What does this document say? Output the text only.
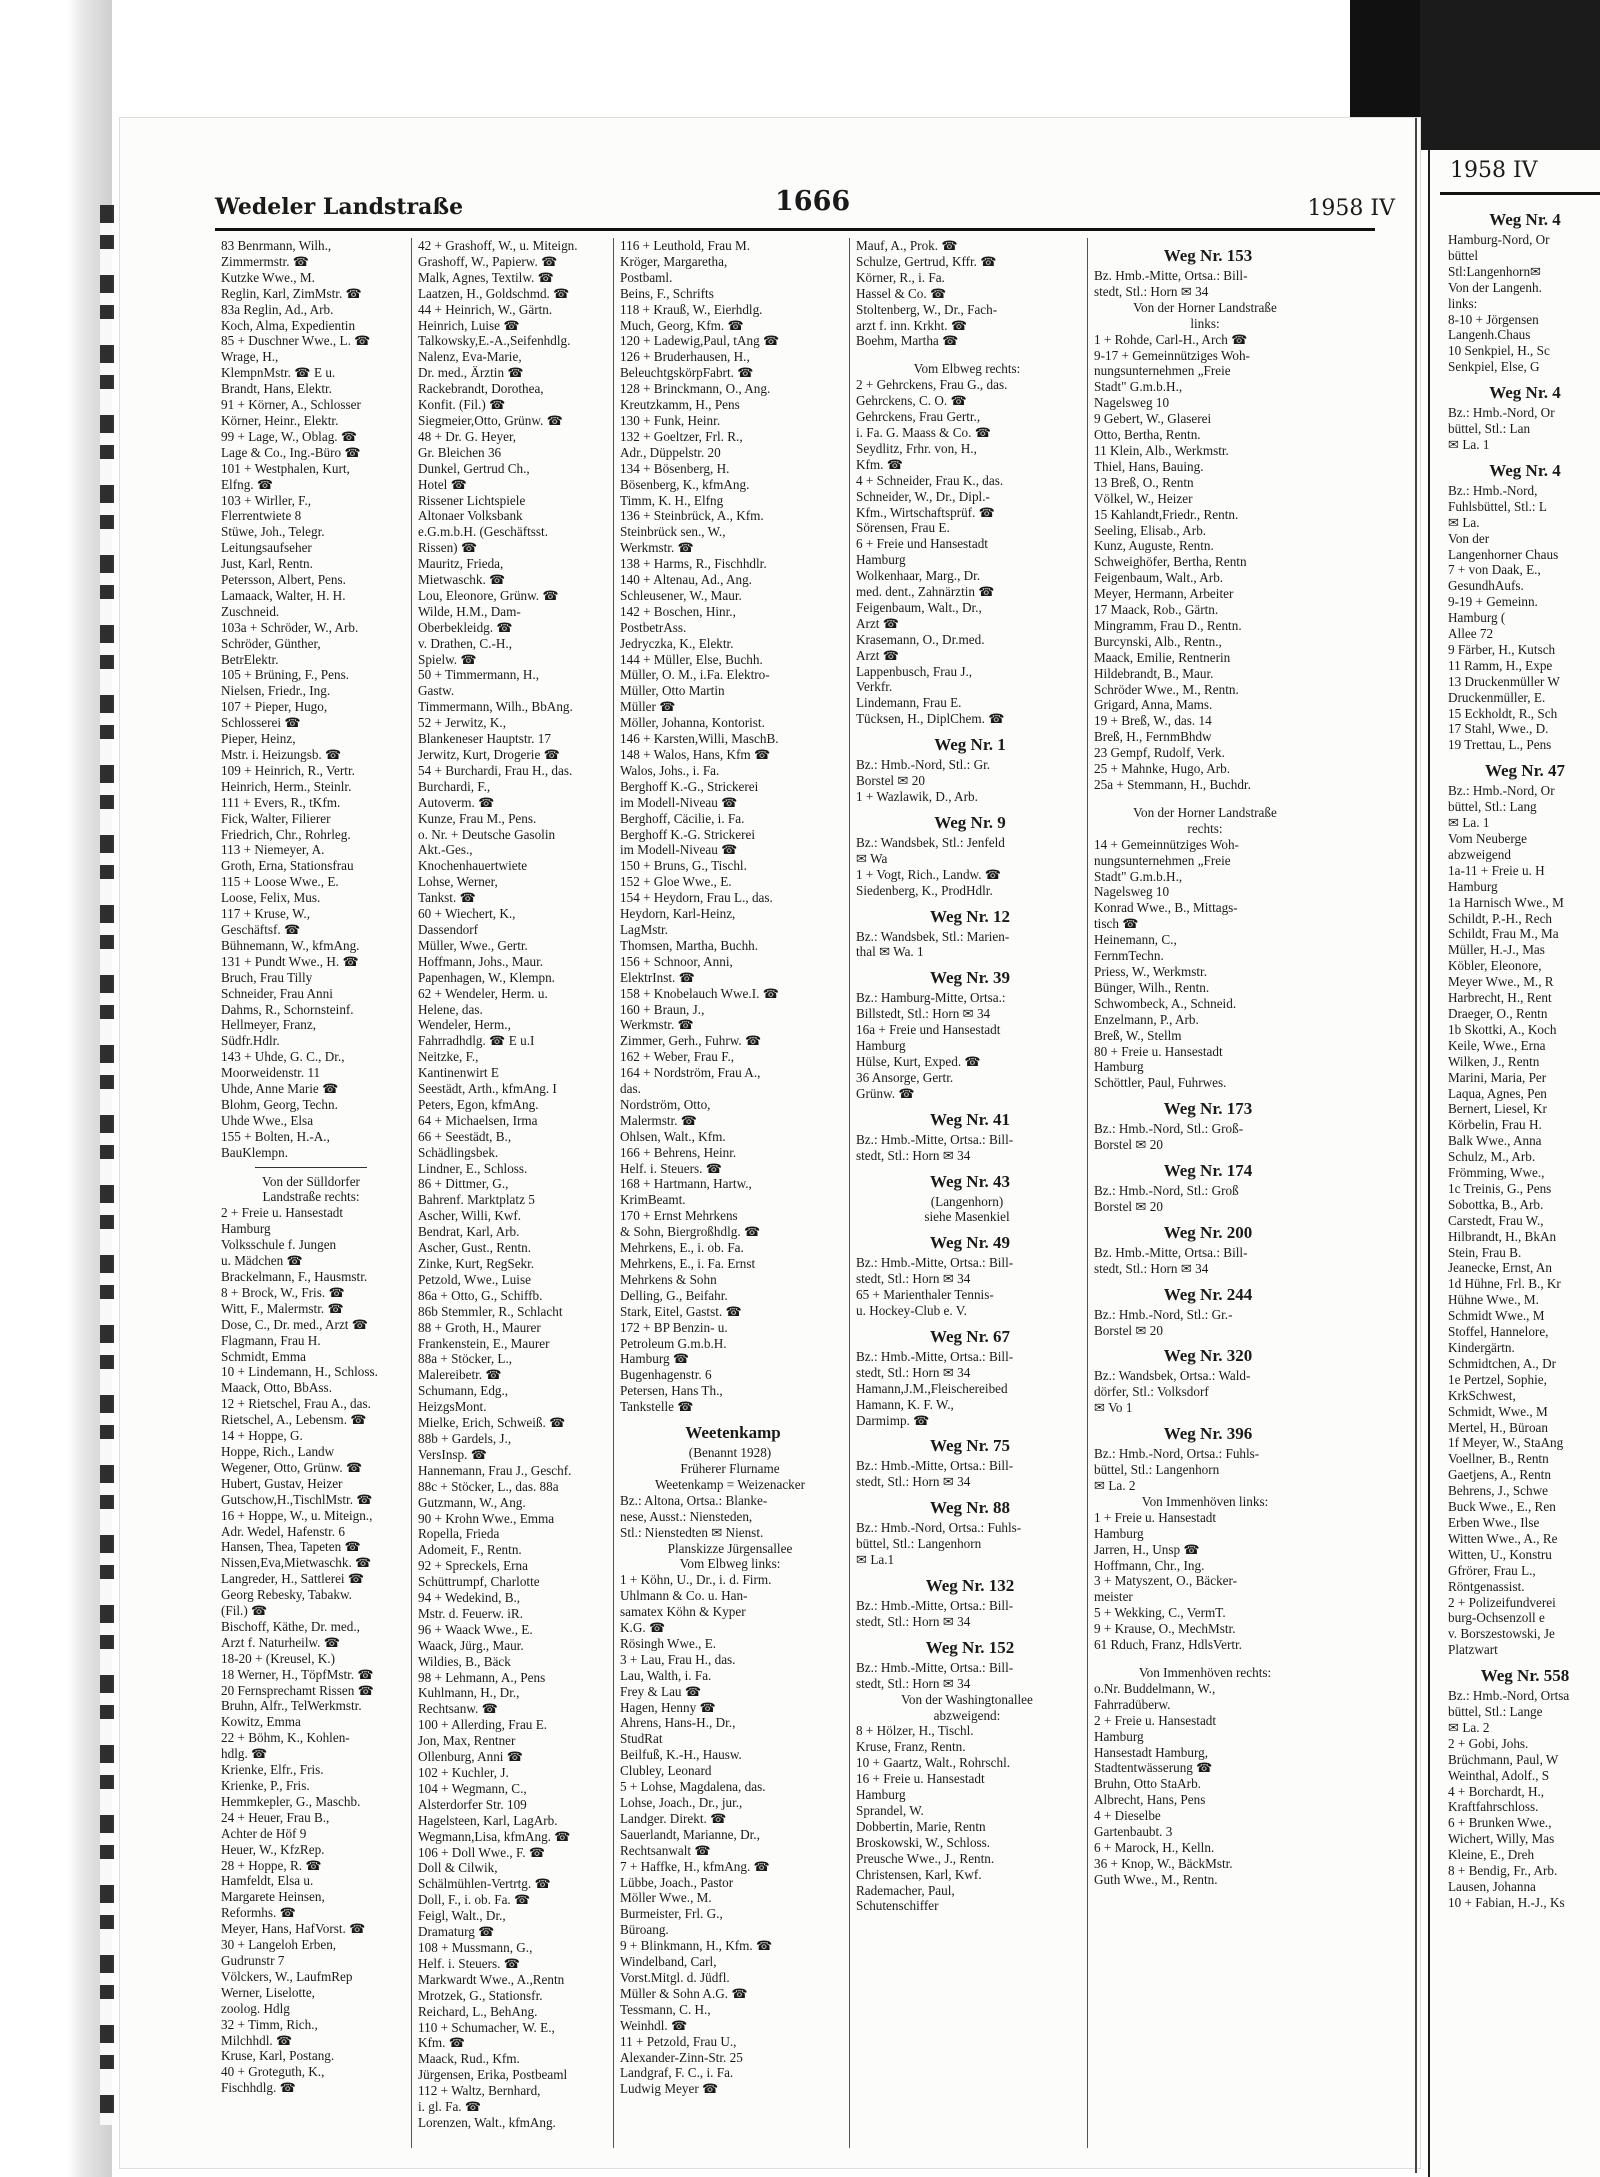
Wedeler Landstraße	1666	1958 IV
83 Benrmann, Wilh.,
Zimmermstr. ☎
Kutzke Wwe., M.
Reglin, Karl, ZimMstr. ☎
83a Reglin, Ad., Arb.
Koch, Alma, Expedientin
85 + Duschner Wwe., L. ☎
Wrage, H.,
KlempnMstr. ☎ E u.
Brandt, Hans, Elektr.
91 + Körner, A., Schlosser
Körner, Heinr., Elektr.
99 + Lage, W., Oblag. ☎
Lage & Co., Ing.-Büro ☎
101 + Westphalen, Kurt,
Elfng. ☎
103 + Wirller, F.,
Flerrentwiete 8
Stüwe, Joh., Telegr.
Leitungsaufseher
Just, Karl, Rentn.
Petersson, Albert, Pens.
Lamaack, Walter, H. H.
Zuschneid.
103a + Schröder, W., Arb.
Schröder, Günther,
BetrElektr.
105 + Brüning, F., Pens.
Nielsen, Friedr., Ing.
107 + Pieper, Hugo,
Schlosserei ☎
Pieper, Heinz,
Mstr. i. Heizungsb. ☎
109 + Heinrich, R., Vertr.
Heinrich, Herm., Steinlr.
111 + Evers, R., tKfm.
Fick, Walter, Filierer
Friedrich, Chr., Rohrleg.
113 + Niemeyer, A.
Groth, Erna, Stationsfrau
115 + Loose Wwe., E.
Loose, Felix, Mus.
117 + Kruse, W.,
Geschäftsf. ☎
Bühnemann, W., kfmAng.
131 + Pundt Wwe., H. ☎
Bruch, Frau Tilly
Schneider, Frau Anni
Dahms, R., Schornsteinf.
Hellmeyer, Franz,
Südfr.Hdlr.
143 + Uhde, G. C., Dr.,
Moorweidenstr. 11
Uhde, Anne Marie ☎
Blohm, Georg, Techn.
Uhde Wwe., Elsa
155 + Bolten, H.-A.,
BauKlempn.
Von der Sülldorfer
Landstraße rechts:
2 + Freie u. Hansestadt
Hamburg
Volksschule f. Jungen
u. Mädchen ☎
Brackelmann, F., Hausmstr.
8 + Brock, W., Fris. ☎
Witt, F., Malermstr. ☎
Dose, C., Dr. med., Arzt ☎
Flagmann, Frau H.
Schmidt, Emma
10 + Lindemann, H., Schloss.
Maack, Otto, BbAss.
12 + Rietschel, Frau A., das.
Rietschel, A., Lebensm. ☎
14 + Hoppe, G.
Hoppe, Rich., Landw
Wegener, Otto, Grünw. ☎
Hubert, Gustav, Heizer
Gutschow,H.,TischlMstr. ☎
16 + Hoppe, W., u. Miteign.,
Adr. Wedel, Hafenstr. 6
Hansen, Thea, Tapeten ☎
Nissen,Eva,Mietwaschk. ☎
Langreder, H., Sattlerei ☎
Georg Rebesky, Tabakw.
(Fil.) ☎
Bischoff, Käthe, Dr. med.,
Arzt f. Naturheilw. ☎
18-20 + (Kreusel, K.)
18 Werner, H., TöpfMstr. ☎
20 Fernsprechamt Rissen ☎
Bruhn, Alfr., TelWerkmstr.
Kowitz, Emma
22 + Böhm, K., Kohlen-
hdlg. ☎
Krienke, Elfr., Fris.
Krienke, P., Fris.
Hemmkepler, G., Maschb.
24 + Heuer, Frau B.,
Achter de Höf 9
Heuer, W., KfzRep.
28 + Hoppe, R. ☎
Hamfeldt, Elsa u.
Margarete Heinsen,
Reformhs. ☎
Meyer, Hans, HafVorst. ☎
30 + Langeloh Erben,
Gudrunstr 7
Völckers, W., LaufmRep
Werner, Liselotte,
zoolog. Hdlg
32 + Timm, Rich.,
Milchhdl. ☎
Kruse, Karl, Postang.
40 + Groteguth, K.,
Fischhdlg. ☎
42 + Grashoff, W., u. Miteign.
Grashoff, W., Papierw. ☎
Malk, Agnes, Textilw. ☎
Laatzen, H., Goldschmd. ☎
44 + Heinrich, W., Gärtn.
Heinrich, Luise ☎
Talkowsky,E.-A.,Seifenhdlg.
Nalenz, Eva-Marie,
Dr. med., Ärztin ☎
Rackebrandt, Dorothea,
Konfit. (Fil.) ☎
Siegmeier,Otto, Grünw. ☎
48 + Dr. G. Heyer,
Gr. Bleichen 36
Dunkel, Gertrud Ch.,
Hotel ☎
Rissener Lichtspiele
Altonaer Volksbank
e.G.m.b.H. (Geschäftsst.
Rissen) ☎
Mauritz, Frieda,
Mietwaschk. ☎
Lou, Eleonore, Grünw. ☎
Wilde, H.M., Dam-
Oberbekleidg. ☎
v. Drathen, C.-H.,
Spielw. ☎
50 + Timmermann, H.,
Gastw.
Timmermann, Wilh., BbAng.
52 + Jerwitz, K.,
Blankeneser Hauptstr. 17
Jerwitz, Kurt, Drogerie ☎
54 + Burchardi, Frau H., das.
Burchardi, F.,
Autoverm. ☎
Kunze, Frau M., Pens.
o. Nr. + Deutsche Gasolin
Akt.-Ges.,
Knochenhauertwiete
Lohse, Werner,
Tankst. ☎
60 + Wiechert, K.,
Dassendorf
Müller, Wwe., Gertr.
Hoffmann, Johs., Maur.
Papenhagen, W., Klempn.
62 + Wendeler, Herm. u.
Helene, das.
Wendeler, Herm.,
Fahrradhdlg. ☎ E u.I
Neitzke, F.,
Kantinenwirt E
Seestädt, Arth., kfmAng. I
Peters, Egon, kfmAng.
64 + Michaelsen, Irma
66 + Seestädt, B.,
Schädlingsbek.
Lindner, E., Schloss.
86 + Dittmer, G.,
Bahrenf. Marktplatz 5
Ascher, Willi, Kwf.
Bendrat, Karl, Arb.
Ascher, Gust., Rentn.
Zinke, Kurt, RegSekr.
Petzold, Wwe., Luise
86a + Otto, G., Schiffb.
86b Stemmler, R., Schlacht
88 + Groth, H., Maurer
Frankenstein, E., Maurer
88a + Stöcker, L.,
Malereibetr. ☎
Schumann, Edg.,
HeizgsMont.
Mielke, Erich, Schweiß. ☎
88b + Gardels, J.,
VersInsp. ☎
Hannemann, Frau J., Geschf.
88c + Stöcker, L., das. 88a
Gutzmann, W., Ang.
90 + Krohn Wwe., Emma
Ropella, Frieda
Adomeit, F., Rentn.
92 + Spreckels, Erna
Schüttrumpf, Charlotte
94 + Wedekind, B.,
Mstr. d. Feuerw. iR.
96 + Waack Wwe., E.
Waack, Jürg., Maur.
Wildies, B., Bäck
98 + Lehmann, A., Pens
Kuhlmann, H., Dr.,
Rechtsanw. ☎
100 + Allerding, Frau E.
Jon, Max, Rentner
Ollenburg, Anni ☎
102 + Kuchler, J.
104 + Wegmann, C.,
Alsterdorfer Str. 109
Hagelsteen, Karl, LagArb.
Wegmann,Lisa, kfmAng. ☎
106 + Doll Wwe., F. ☎
Doll & Cilwik,
Schälmühlen-Vertrtg. ☎
Doll, F., i. ob. Fa. ☎
Feigl, Walt., Dr.,
Dramaturg ☎
108 + Mussmann, G.,
Helf. i. Steuers. ☎
Markwardt Wwe., A.,Rentn
Mrotzek, G., Stationsfr.
Reichard, L., BehAng.
110 + Schumacher, W. E.,
Kfm. ☎
Maack, Rud., Kfm.
Jürgensen, Erika, Postbeaml
112 + Waltz, Bernhard,
i. gl. Fa. ☎
Lorenzen, Walt., kfmAng.
116 + Leuthold, Frau M.
Kröger, Margaretha,
Postbaml.
Beins, F., Schrifts
118 + Krauß, W., Eierhdlg.
Much, Georg, Kfm. ☎
120 + Ladewig,Paul, tAng ☎
126 + Bruderhausen, H.,
BeleuchtgskörpFabrt. ☎
128 + Brinckmann, O., Ang.
Kreutzkamm, H., Pens
130 + Funk, Heinr.
132 + Goeltzer, Frl. R.,
Adr., Düppelstr. 20
134 + Bösenberg, H.
Bösenberg, K., kfmAng.
Timm, K. H., Elfng
136 + Steinbrück, A., Kfm.
Steinbrück sen., W.,
Werkmstr. ☎
138 + Harms, R., Fischhdlr.
140 + Altenau, Ad., Ang.
Schleusener, W., Maur.
142 + Boschen, Hinr.,
PostbetrAss.
Jedryczka, K., Elektr.
144 + Müller, Else, Buchh.
Müller, O. M., i.Fa. Elektro-
Müller, Otto Martin
Müller ☎
Möller, Johanna, Kontorist.
146 + Karsten,Willi, MaschB.
148 + Walos, Hans, Kfm ☎
Walos, Johs., i. Fa.
Berghoff K.-G., Strickerei
im Modell-Niveau ☎
Berghoff, Cäcilie, i. Fa.
Berghoff K.-G. Strickerei
im Modell-Niveau ☎
150 + Bruns, G., Tischl.
152 + Gloe Wwe., E.
154 + Heydorn, Frau L., das.
Heydorn, Karl-Heinz,
LagMstr.
Thomsen, Martha, Buchh.
156 + Schnoor, Anni,
ElektrInst. ☎
158 + Knobelauch Wwe.I. ☎
160 + Braun, J.,
Werkmstr. ☎
Zimmer, Gerh., Fuhrw. ☎
162 + Weber, Frau F.,
164 + Nordström, Frau A.,
das.
Nordström, Otto,
Malermstr. ☎
Ohlsen, Walt., Kfm.
166 + Behrens, Heinr.
Helf. i. Steuers. ☎
168 + Hartmann, Hartw.,
KrimBeamt.
170 + Ernst Mehrkens
& Sohn, Biergroßhdlg. ☎
Mehrkens, E., i. ob. Fa.
Mehrkens, E., i. Fa. Ernst
Mehrkens & Sohn
Delling, G., Beifahr.
Stark, Eitel, Gastst. ☎
172 + BP Benzin- u.
Petroleum G.m.b.H.
Hamburg ☎
Bugenhagenstr. 6
Petersen, Hans Th.,
Tankstelle ☎
Weetenkamp
(Benannt 1928)
Früherer Flurname
Weetenkamp = Weizenacker
Bz.: Altona, Ortsa.: Blanke-
nese, Ausst.: Niensteden,
Stl.: Nienstedten ✉ Nienst.
Planskizze Jürgensallee
Vom Elbweg links:
1 + Köhn, U., Dr., i. d. Firm.
Uhlmann & Co. u. Han-
samatex Köhn & Kyper
K.G. ☎
Rösingh Wwe., E.
3 + Lau, Frau H., das.
Lau, Walth, i. Fa.
Frey & Lau ☎
Hagen, Henny ☎
Ahrens, Hans-H., Dr.,
StudRat
Beilfuß, K.-H., Hausw.
Clubley, Leonard
5 + Lohse, Magdalena, das.
Lohse, Joach., Dr., jur.,
Landger. Direkt. ☎
Sauerlandt, Marianne, Dr.,
Rechtsanwalt ☎
7 + Haffke, H., kfmAng. ☎
Lübbe, Joach., Pastor
Möller Wwe., M.
Burmeister, Frl. G.,
Büroang.
9 + Blinkmann, H., Kfm. ☎
Windelband, Carl,
Vorst.Mitgl. d. Jüdfl.
Müller & Sohn A.G. ☎
Tessmann, C. H.,
Weinhdl. ☎
11 + Petzold, Frau U.,
Alexander-Zinn-Str. 25
Landgraf, F. C., i. Fa.
Ludwig Meyer ☎
Mauf, A., Prok. ☎
Schulze, Gertrud, Kffr. ☎
Körner, R., i. Fa.
Hassel & Co. ☎
Stoltenberg, W., Dr., Fach-
arzt f. inn. Krkht. ☎
Boehm, Martha ☎
Vom Elbweg rechts:
2 + Gehrckens, Frau G., das.
Gehrckens, C. O. ☎
Gehrckens, Frau Gertr.,
i. Fa. G. Maass & Co. ☎
Seydlitz, Frhr. von, H.,
Kfm. ☎
4 + Schneider, Frau K., das.
Schneider, W., Dr., Dipl.-
Kfm., Wirtschaftsprüf. ☎
Sörensen, Frau E.
6 + Freie und Hansestadt
Hamburg
Wolkenhaar, Marg., Dr.
med. dent., Zahnärztin ☎
Feigenbaum, Walt., Dr.,
Arzt ☎
Krasemann, O., Dr.med.
Arzt ☎
Lappenbusch, Frau J.,
Verkfr.
Lindemann, Frau E.
Tücksen, H., DiplChem. ☎
Weg Nr. 1
Bz.: Hmb.-Nord, Stl.: Gr.
Borstel ✉ 20
1 + Wazlawik, D., Arb.
Weg Nr. 9
Bz.: Wandsbek, Stl.: Jenfeld
✉ Wa
1 + Vogt, Rich., Landw. ☎
Siedenberg, K., ProdHdlr.
Weg Nr. 12
Bz.: Wandsbek, Stl.: Marien-
thal ✉ Wa. 1
Weg Nr. 39
Bz.: Hamburg-Mitte, Ortsa.:
Billstedt, Stl.: Horn ✉ 34
16a + Freie und Hansestadt
Hamburg
Hülse, Kurt, Exped. ☎
36 Ansorge, Gertr.
Grünw. ☎
Weg Nr. 41
Bz.: Hmb.-Mitte, Ortsa.: Bill-
stedt, Stl.: Horn ✉ 34
Weg Nr. 43
(Langenhorn)
siehe Masenkiel
Weg Nr. 49
Bz.: Hmb.-Mitte, Ortsa.: Bill-
stedt, Stl.: Horn ✉ 34
65 + Marienthaler Tennis-
u. Hockey-Club e. V.
Weg Nr. 67
Bz.: Hmb.-Mitte, Ortsa.: Bill-
stedt, Stl.: Horn ✉ 34
Hamann,J.M.,Fleischereibed
Hamann, K. F. W.,
Darmimp. ☎
Weg Nr. 75
Bz.: Hmb.-Mitte, Ortsa.: Bill-
stedt, Stl.: Horn ✉ 34
Weg Nr. 88
Bz.: Hmb.-Nord, Ortsa.: Fuhls-
büttel, Stl.: Langenhorn
✉ La.1
Weg Nr. 132
Bz.: Hmb.-Mitte, Ortsa.: Bill-
stedt, Stl.: Horn ✉ 34
Weg Nr. 152
Bz.: Hmb.-Mitte, Ortsa.: Bill-
stedt, Stl.: Horn ✉ 34
Von der Washingtonallee
abzweigend:
8 + Hölzer, H., Tischl.
Kruse, Franz, Rentn.
10 + Gaartz, Walt., Rohrschl.
16 + Freie u. Hansestadt
Hamburg
Sprandel, W.
Dobbertin, Marie, Rentn
Broskowski, W., Schloss.
Preusche Wwe., J., Rentn.
Christensen, Karl, Kwf.
Rademacher, Paul,
Schutenschiffer
Weg Nr. 153
Bz. Hmb.-Mitte, Ortsa.: Bill-
stedt, Stl.: Horn ✉ 34
Von der Horner Landstraße
links:
1 + Rohde, Carl-H., Arch ☎
9-17 + Gemeinnütziges Woh-
nungsunternehmen „Freie
Stadt" G.m.b.H.,
Nagelsweg 10
9 Gebert, W., Glaserei
Otto, Bertha, Rentn.
11 Klein, Alb., Werkmstr.
Thiel, Hans, Bauing.
13 Breß, O., Rentn
Völkel, W., Heizer
15 Kahlandt,Friedr., Rentn.
Seeling, Elisab., Arb.
Kunz, Auguste, Rentn.
Schweighöfer, Bertha, Rentn
Feigenbaum, Walt., Arb.
Meyer, Hermann, Arbeiter
17 Maack, Rob., Gärtn.
Mingramm, Frau D., Rentn.
Burcynski, Alb., Rentn.,
Maack, Emilie, Rentnerin
Hildebrandt, B., Maur.
Schröder Wwe., M., Rentn.
Grigard, Anna, Mams.
19 + Breß, W., das. 14
Breß, H., FernmBhdw
23 Gempf, Rudolf, Verk.
25 + Mahnke, Hugo, Arb.
25a + Stemmann, H., Buchdr.
Von der Horner Landstraße
rechts:
14 + Gemeinnütziges Woh-
nungsunternehmen „Freie
Stadt" G.m.b.H.,
Nagelsweg 10
Konrad Wwe., B., Mittags-
tisch ☎
Heinemann, C.,
FernmTechn.
Priess, W., Werkmstr.
Bünger, Wilh., Rentn.
Schwombeck, A., Schneid.
Enzelmann, P., Arb.
Breß, W., Stellm
80 + Freie u. Hansestadt
Hamburg
Schöttler, Paul, Fuhrwes.
Weg Nr. 173
Bz.: Hmb.-Nord, Stl.: Groß-
Borstel ✉ 20
Weg Nr. 174
Bz.: Hmb.-Nord, Stl.: Groß
Borstel ✉ 20
Weg Nr. 200
Bz. Hmb.-Mitte, Ortsa.: Bill-
stedt, Stl.: Horn ✉ 34
Weg Nr. 244
Bz.: Hmb.-Nord, Stl.: Gr.-
Borstel ✉ 20
Weg Nr. 320
Bz.: Wandsbek, Ortsa.: Wald-
dörfer, Stl.: Volksdorf
✉ Vo 1
Weg Nr. 396
Bz.: Hmb.-Nord, Ortsa.: Fuhls-
büttel, Stl.: Langenhorn
✉ La. 2
Von Immenhöven links:
1 + Freie u. Hansestadt
Hamburg
Jarren, H., Unsp ☎
Hoffmann, Chr., Ing.
3 + Matyszent, O., Bäcker-
meister
5 + Wekking, C., VermT.
9 + Krause, O., MechMstr.
61 Rduch, Franz, HdlsVertr.
Von Immenhöven rechts:
o.Nr. Buddelmann, W.,
Fahrradüberw.
2 + Freie u. Hansestadt
Hamburg
Hansestadt Hamburg,
Stadtentwässerung ☎
Bruhn, Otto StaArb.
Albrecht, Hans, Pens
4 + Dieselbe
Gartenbaubt. 3
6 + Marock, H., Kelln.
36 + Knop, W., BäckMstr.
Guth Wwe., M., Rentn.
1958 IV
Weg Nr. 4
Hamburg-Nord, Or
büttel
Stl:Langenhorn✉
Von der Langenh.
links:
8-10 + Jörgensen
Langenh.Chaus
10 Senkpiel, H., Sc
Senkpiel, Else, G
Weg Nr. 4
Bz.: Hmb.-Nord, Or
büttel, Stl.: Lan
✉ La. 1
Weg Nr. 4
Bz.: Hmb.-Nord,
Fuhlsbüttel, Stl.: L
✉ La.
Von der
Langenhorner Chaus
7 + von Daak, E.,
GesundhAufs.
9-19 + Gemeinn.
Hamburg (
Allee 72
9 Färber, H., Kutsch
11 Ramm, H., Expe
13 Druckenmüller W
Druckenmüller, E.
15 Eckholdt, R., Sch
17 Stahl, Wwe., D.
19 Trettau, L., Pens
Weg Nr. 47
Bz.: Hmb.-Nord, Or
büttel, Stl.: Lang
✉ La. 1
Vom Neuberge
abzweigend
1a-11 + Freie u. H
Hamburg
1a Harnisch Wwe., M
Schildt, P.-H., Rech
Schildt, Frau M., Ma
Müller, H.-J., Mas
Köbler, Eleonore,
Meyer Wwe., M., R
Harbrecht, H., Rent
Draeger, O., Rentn
1b Skottki, A., Koch
Keile, Wwe., Erna
Wilken, J., Rentn
Marini, Maria, Per
Laqua, Agnes, Pen
Bernert, Liesel, Kr
Körbelin, Frau H.
Balk Wwe., Anna
Schulz, M., Arb.
Frömming, Wwe.,
1c Treinis, G., Pens
Sobottka, B., Arb.
Carstedt, Frau W.,
Hilbrandt, H., BkAn
Stein, Frau B.
Jeanecke, Ernst, An
1d Hühne, Frl. B., Kr
Hühne Wwe., M.
Schmidt Wwe., M
Stoffel, Hannelore,
Kindergärtn.
Schmidtchen, A., Dr
1e Pertzel, Sophie,
KrkSchwest,
Schmidt, Wwe., M
Mertel, H., Büroan
1f Meyer, W., StaAng
Voellner, B., Rentn
Gaetjens, A., Rentn
Behrens, J., Schwe
Buck Wwe., E., Ren
Erben Wwe., Ilse
Witten Wwe., A., Re
Witten, U., Konstru
Gfrörer, Frau L.,
Röntgenassist.
2 + Polizeifundverei
burg-Ochsenzoll e
v. Borszestowski, Je
Platzwart
Weg Nr. 558
Bz.: Hmb.-Nord, Ortsa
büttel, Stl.: Lange
✉ La. 2
2 + Gobi, Johs.
Brüchmann, Paul, W
Weinthal, Adolf., S
4 + Borchardt, H.,
Kraftfahrschloss.
6 + Brunken Wwe.,
Wichert, Willy, Mas
Kleine, E., Dreh
8 + Bendig, Fr., Arb.
Lausen, Johanna
10 + Fabian, H.-J., Ks
